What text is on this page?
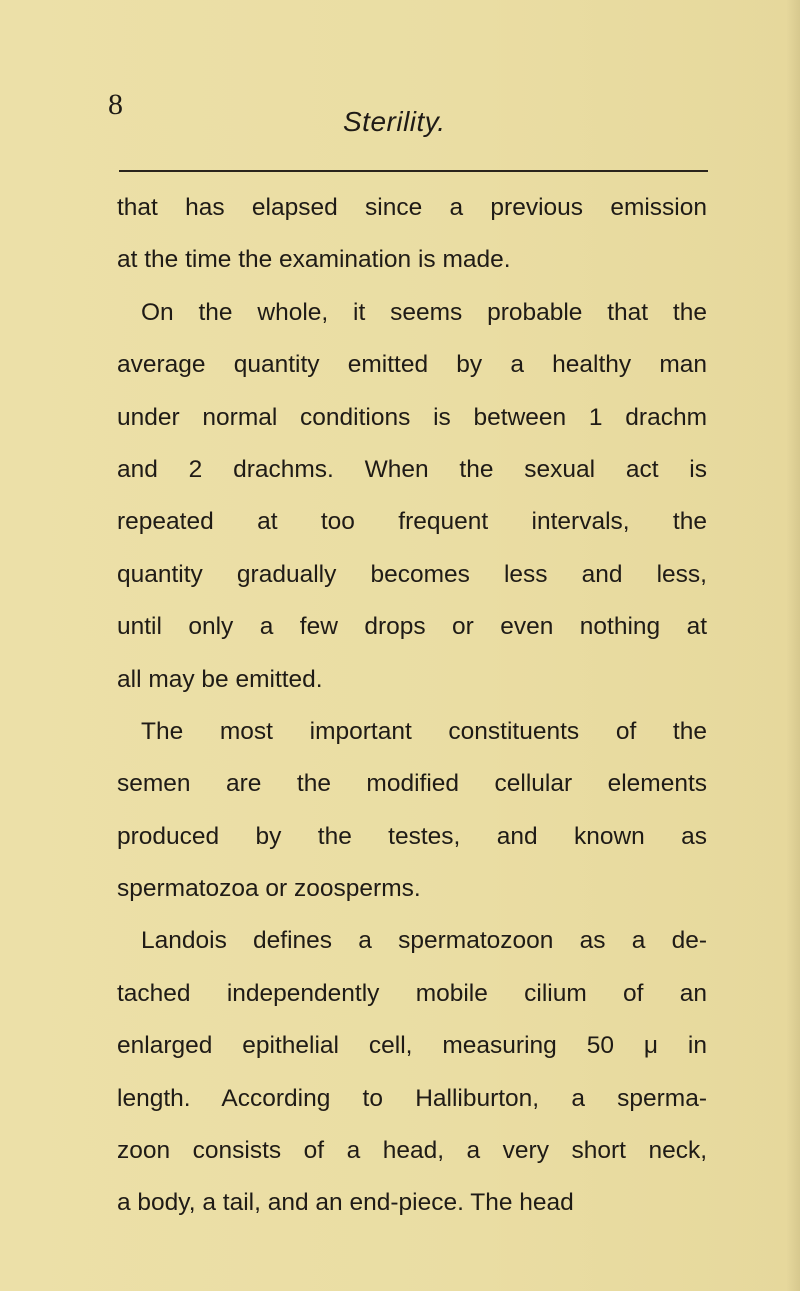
8
Sterility.
that has elapsed since a previous emission
at the time the examination is made.
On the whole, it seems probable that the
average quantity emitted by a healthy man
under normal conditions is between 1 drachm
and 2 drachms. When the sexual act is
repeated at too frequent intervals, the
quantity gradually becomes less and less,
until only a few drops or even nothing at
all may be emitted.
The most important constituents of the
semen are the modified cellular elements
produced by the testes, and known as
spermatozoa or zoosperms.
Landois defines a spermatozoon as a de-
tached independently mobile cilium of an
enlarged epithelial cell, measuring 50 μ in
length. According to Halliburton, a sperma-
zoon consists of a head, a very short neck,
a body, a tail, and an end-piece. The head
